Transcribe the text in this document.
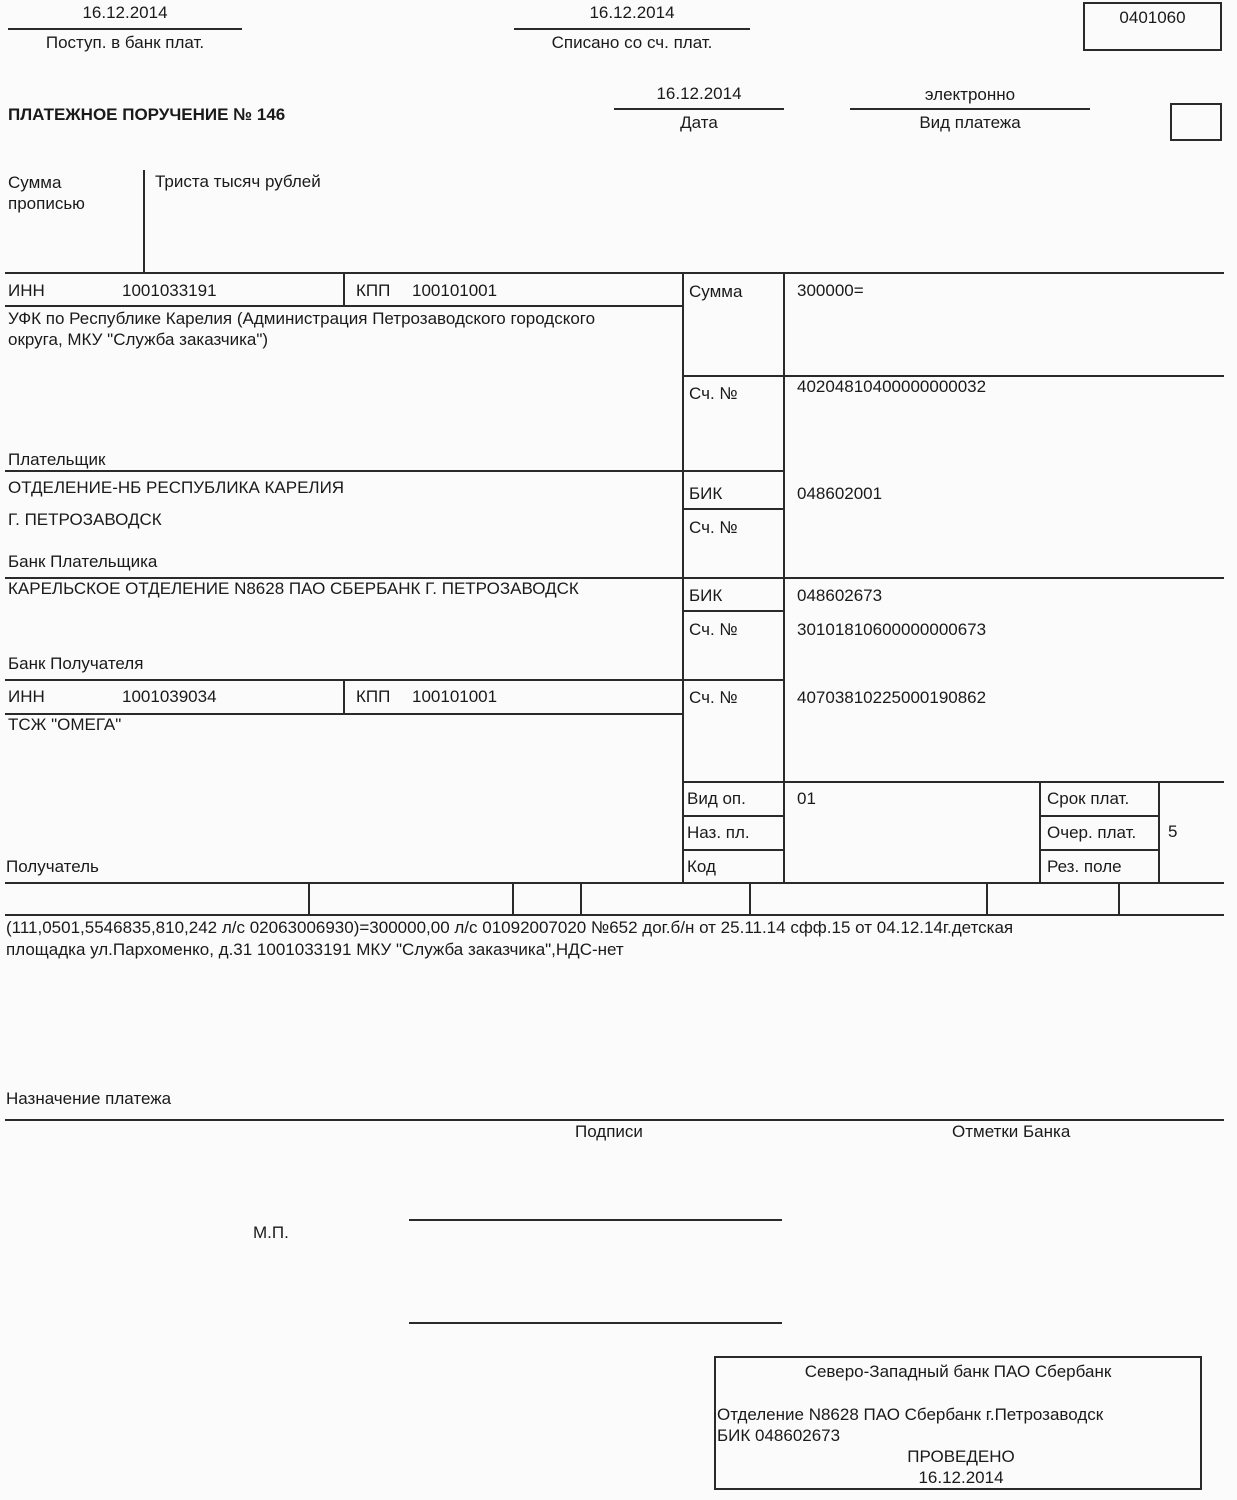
16.12.2014
Поступ. в банк плат.
16.12.2014
Списано со сч. плат.
0401060
ПЛАТЕЖНОЕ ПОРУЧЕНИЕ № 146
16.12.2014
Дата
электронно
Вид платежа
Сумма
прописью
Триста тысяч рублей
ИНН	1001033191	КПП 100101001
УФК по Республике Карелия (Администрация Петрозаводского городского
округа, МКУ "Служба заказчика")
Плательщик
Сумма	300000=
Сч. №	40204810400000000032
ОТДЕЛЕНИЕ-НБ РЕСПУБЛИКА КАРЕЛИЯ
Г. ПЕТРОЗАВОДСК
Банк Плательщика
БИК	048602001
Сч. №
КАРЕЛЬСКОЕ ОТДЕЛЕНИЕ N8628 ПАО СБЕРБАНК Г. ПЕТРОЗАВОДСК
Банк Получателя
БИК	048602673
Сч. №	30101810600000000673
ИНН	1001039034	КПП 100101001
ТСЖ "ОМЕГА"
Получатель
Сч. №	40703810225000190862
Вид оп.	01
Наз. пл.
Код
Срок плат.
Очер. плат. 5
Рез. поле
(111,0501,5546835,810,242 л/с 02063006930)=300000,00 л/с 01092007020 №652 дог.б/н от 25.11.14 сфф.15 от 04.12.14г.детская
площадка ул.Пархоменко, д.31 1001033191 МКУ "Служба заказчика",НДС-нет
Назначение платежа
Подписи	Отметки Банка
М.П.
Северо-Западный банк ПАО Сбербанк
Отделение N8628 ПАО Сбербанк г.Петрозаводск
БИК 048602673
ПРОВЕДЕНО
16.12.2014
